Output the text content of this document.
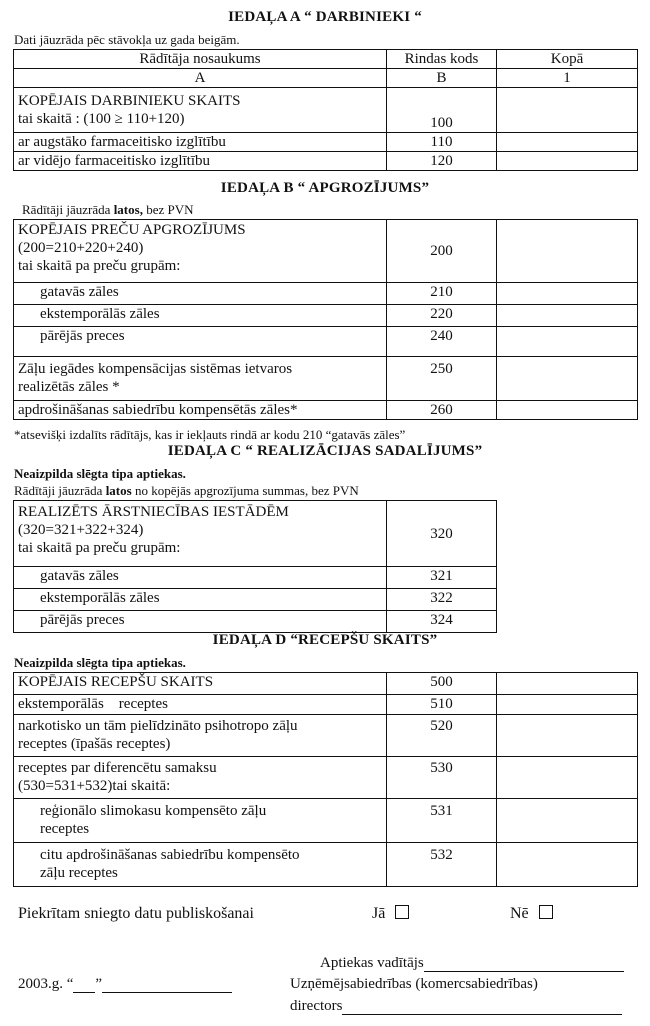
IEDAĻA A “ DARBINIEKI “
Dati jāuzrāda pēc stāvokļa uz gada beigām.
Rādītāja nosaukums	Rindas kods	Kopā
A	B	1

KOPĒJAIS DARBINIEKU SKAITS
tai skaitā : (100 ≥ 110+120)	100	
ar augstāko farmaceitisko izglītību	110	
ar vidējo farmaceitisko izglītību	120	
IEDAĻA B “ APGROZĪJUMS”
Rādītāji jāuzrāda latos, bez PVN
KOPĒJAIS PREČU APGROZĪJUMS
(200=210+220+240)
tai skaitā pa preču grupām:	200	
gatavās zāles	210	
ekstemporālās zāles	220	
pārējās preces	240	

Zāļu iegādes kompensācijas sistēmas ietvaros
realizētās zāles *	250	
apdrošināšanas sabiedrību kompensētās zāles*	260	
*atsevišķi izdalīts rādītājs, kas ir iekļauts rindā ar kodu 210 “gatavās zāles”
IEDAĻA C “ REALIZĀCIJAS SADALĪJUMS”
Neaizpilda slēgta tipa aptiekas.
Rādītāji jāuzrāda latos no kopējās apgrozījuma summas, bez PVN
REALIZĒTS ĀRSTNIECĪBAS IESTĀDĒM
(320=321+322+324)
tai skaitā pa preču grupām:	320
gatavās zāles	321
ekstemporālās zāles	322
pārējās preces	324
IEDAĻA D “RECEPŠU SKAITS”
Neaizpilda slēgta tipa aptiekas.
KOPĒJAIS RECEPŠU SKAITS	500	
ekstemporālās    receptes	510	

narkotisko un tām pielīdzināto psihotropo zāļu
receptes (īpašās receptes)	520	

receptes par diferencētu samaksu
(530=531+532)tai skaitā:	530	

reģionālo slimokasu kompensēto zāļu
receptes	531	

citu apdrošināšanas sabiedrību kompensēto
zāļu receptes	532	
Piekrītam sniegto datu publiskošanai	Jā	Nē
Aptiekas vadītājs
2003.g. “ ”	Uzņēmējsabiedrības (komercsabiedrības)
directors
